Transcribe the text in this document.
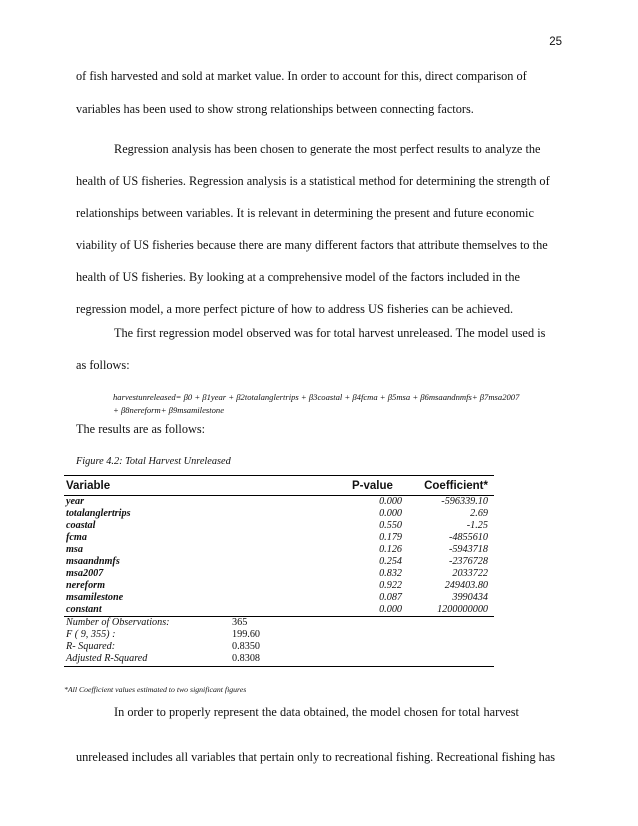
25
of fish harvested and sold at market value. In order to account for this, direct comparison of
variables has been used to show strong relationships between connecting factors.
Regression analysis has been chosen to generate the most perfect results to analyze the
health of US fisheries. Regression analysis is a statistical method for determining the strength of
relationships between variables. It is relevant in determining the present and future economic
viability of US fisheries because there are many different factors that attribute themselves to the
health of US fisheries. By looking at a comprehensive model of the factors included in the
regression model, a more perfect picture of how to address US fisheries can be achieved.
The first regression model observed was for total harvest unreleased. The model used is
as follows:
harvestunreleased= β0 + β1year + β2totalanglertrips + β3coastal + β4fcma + β5msa + β6msaandnmfs+ β7msa2007
+ β8nereform+ β9msamilestone
The results are as follows:
Figure 4.2: Total Harvest Unreleased
Variable	P-value	Coefficient*
year	0.000	-596339.10
totalanglertrips	0.000	2.69
coastal	0.550	-1.25
fcma	0.179	-4855610
msa	0.126	-5943718
msaandnmfs	0.254	-2376728
msa2007	0.832	2033722
nereform	0.922	249403.80
msamilestone	0.087	3990434
constant	0.000	1200000000
Number of Observations:	365
F ( 9, 355) :	199.60
R- Squared:	0.8350
Adjusted R-Squared	0.8308
*All Coefficient values estimated to two significant figures
In order to properly represent the data obtained, the model chosen for total harvest
unreleased includes all variables that pertain only to recreational fishing. Recreational fishing has
